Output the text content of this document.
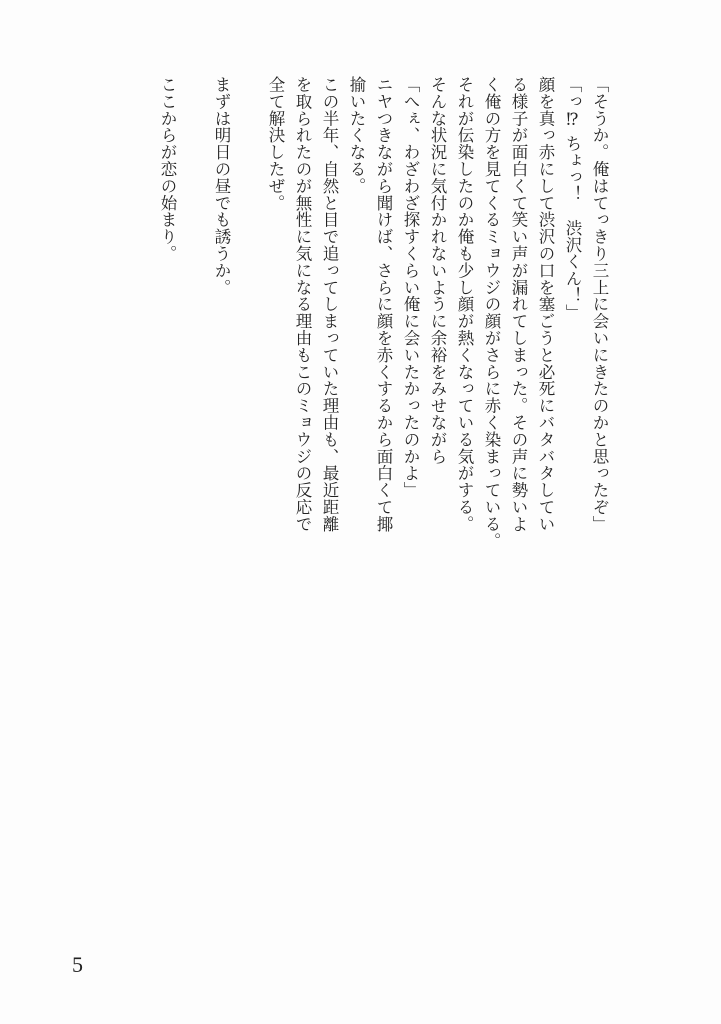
「そうか。俺はてっきり三上に会いにきたのかと思ったぞ」
「っ⁉ ちょっ！　渋沢くん！」
顔を真っ赤にして渋沢の口を塞ごうと必死にバタバタしてい
る様子が面白くて笑い声が漏れてしまった。その声に勢いよ
く俺の方を見てくるミョウジの顔がさらに赤く染まっている。
それが伝染したのか俺も少し顔が熱くなっている気がする。
そんな状況に気付かれないように余裕をみせながら
「へぇ、わざわざ探すくらい俺に会いたかったのかよ」
ニヤつきながら聞けば、さらに顔を赤くするから面白くて揶
揄いたくなる。
この半年、自然と目で追ってしまっていた理由も、最近距離
を取られたのが無性に気になる理由もこのミョウジの反応で
全て解決したぜ。
まずは明日の昼でも誘うか。
ここからが恋の始まり。
5
